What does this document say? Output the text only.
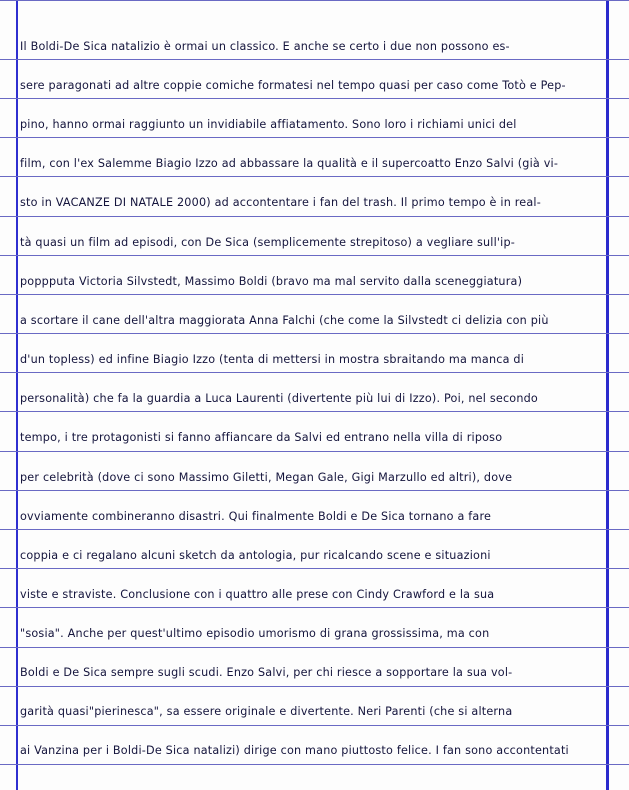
Il Boldi-De Sica natalizio è ormai un classico. E anche se certo i due non possono es-
sere paragonati ad altre coppie comiche formatesi nel tempo quasi per caso come Totò e Pep-
pino, hanno ormai raggiunto un invidiabile affiatamento. Sono loro i richiami unici del
film, con l'ex Salemme Biagio Izzo ad abbassare la qualità e il supercoatto Enzo Salvi (già vi-
sto in VACANZE DI NATALE 2000) ad accontentare i fan del trash. Il primo tempo è in real-
tà quasi un film ad episodi, con De Sica (semplicemente strepitoso) a vegliare sull'ip-
poppputa Victoria Silvstedt, Massimo Boldi (bravo ma mal servito dalla sceneggiatura)
a scortare il cane dell'altra maggiorata Anna Falchi (che come la Silvstedt ci delizia con più
d'un topless) ed infine Biagio Izzo (tenta di mettersi in mostra sbraitando ma manca di
personalità) che fa la guardia a Luca Laurenti (divertente più lui di Izzo). Poi, nel secondo
tempo, i tre protagonisti si fanno affiancare da Salvi ed entrano nella villa di riposo
per celebrità (dove ci sono Massimo Giletti, Megan Gale, Gigi Marzullo ed altri), dove
ovviamente combineranno disastri. Qui finalmente Boldi e De Sica tornano a fare
coppia e ci regalano alcuni sketch da antologia, pur ricalcando scene e situazioni
viste e straviste. Conclusione con i quattro alle prese con Cindy Crawford e la sua
"sosia". Anche per quest'ultimo episodio umorismo di grana grossissima, ma con
Boldi e De Sica sempre sugli scudi. Enzo Salvi, per chi riesce a sopportare la sua vol-
garità quasi"pierinesca", sa essere originale e divertente. Neri Parenti (che si alterna
ai Vanzina per i Boldi-De Sica natalizi) dirige con mano piuttosto felice. I fan sono accontentati
